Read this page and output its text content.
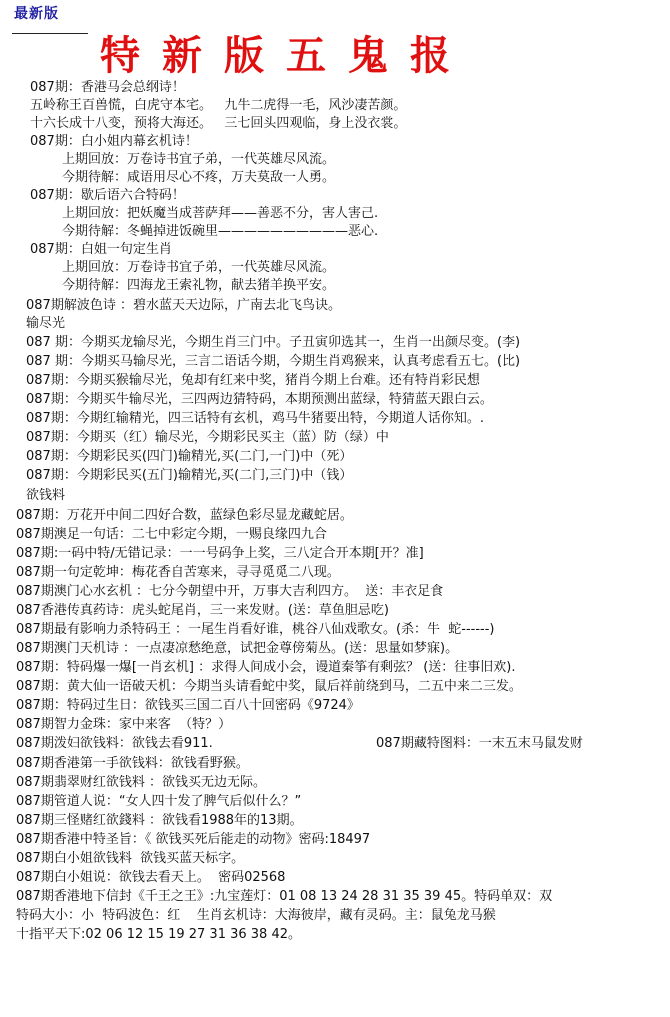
最新版
特新版五鬼报
087期：香港马会总纲诗！
五岭称王百兽慌，白虎守本宅。   九牛二虎得一毛，风沙凄苦颜。
十六长成十八变，预将大海还。   三七回头四观临，身上没衣裳。
087期：白小姐内幕玄机诗！
上期回放：万卷诗书宜子弟，一代英雄尽风流。
今期待解：咸语用尽心不疼，万夫莫敌一人勇。
087期：歇后语六合特码！
上期回放：把妖魔当成菩萨拜——善恶不分，害人害己.
今期待解：冬蝇掉进饭碗里——————————恶心.
087期：白姐一句定生肖
上期回放：万卷诗书宜子弟，一代英雄尽风流。
今期待解：四海龙王索礼物，献去猪羊换平安。
087期解波色诗 ：碧水蓝天天边际，广南去北飞鸟诀。
输尽光
087 期：今期买龙输尽光，今期生肖三门中。子丑寅卯选其一，生肖一出颜尽变。(李)
087 期：今期买马输尽光，三言二语话今期，今期生肖鸡猴来，认真考虑看五七。(比)
087期：今期买猴输尽光，兔却有红来中奖，猪肖今期上台难。还有特肖彩民想
087期：今期买牛输尽光，三四两边猜特码，本期预测出蓝绿，特猜蓝天跟白云。
087期：今期红输精光，四三话特有玄机，鸡马牛猪要出特，今期道人话你知。.
087期：今期买（红）输尽光，今期彩民买主（蓝）防（绿）中
087期：今期彩民买(四门)输精光,买(二门,一门)中（死）
087期：今期彩民买(五门)输精光,买(二门,三门)中（钱）
欲钱料
087期：万花开中间二四好合数，蓝绿色彩尽显龙藏蛇居。
087期澳足一句话：二七中彩定今期，一赐良缘四九合
087期:一码中特/无错记录：一一号码争上奖，三八定合开本期[开？准]
087期一句定乾坤：梅花香自苦寒来，寻寻觅觅二八现。
087期澳门心水玄机 ：七分今朝望中开，万事大吉利四方。  送：丰衣足食
087香港传真药诗：虎头蛇尾肖，三一来发财。(送：草鱼胆忌吃)
087期最有影响力杀特码王 ：一尾生肖看好谁，桃谷八仙戏歌女。(杀：牛  蛇------)
087期澳门天机诗 ：一点凄凉愁绝意，试把金尊傍菊丛。(送：思量如梦寐)。
087期：特码爆一爆[一肖玄机] ：求得人间成小会，谩道秦筝有剩弦？ (送：往事旧欢).
087期：黄大仙一语破天机：今期当头请看蛇中奖，鼠后祥前绕到马，二五中来二三发。
087期：特码过生日：欲钱买三国二百八十回密码《9724》
087期智力金珠：家中来客  （特？）
087期泼妇欲钱料：欲钱去看911.	087期藏特图料：一末五末马鼠发财
087期香港第一手欲钱料：欲钱看野猴。
087期翡翠财红欲钱料 ：欲钱买无边无际。
087期管道人说：“女人四十发了脾气后似什么？”
087期三怪赌红欲錢料 ：欲钱看1988年的13期。
087期香港中特圣旨：《 欲钱买死后能走的动物》密码:18497
087期白小姐欲钱料  欲钱买蓝天标字。
087期白小姐说：欲钱去看天上。  密码02568
087期香港地下信封《千王之王》:九宝莲灯：01 08 13 24 28 31 35 39 45。特码单双：双
特码大小：小  特码波色：红    生肖玄机诗：大海彼岸，藏有灵码。主：鼠兔龙马猴
十指平天下:02 06 12 15 19 27 31 36 38 42。
